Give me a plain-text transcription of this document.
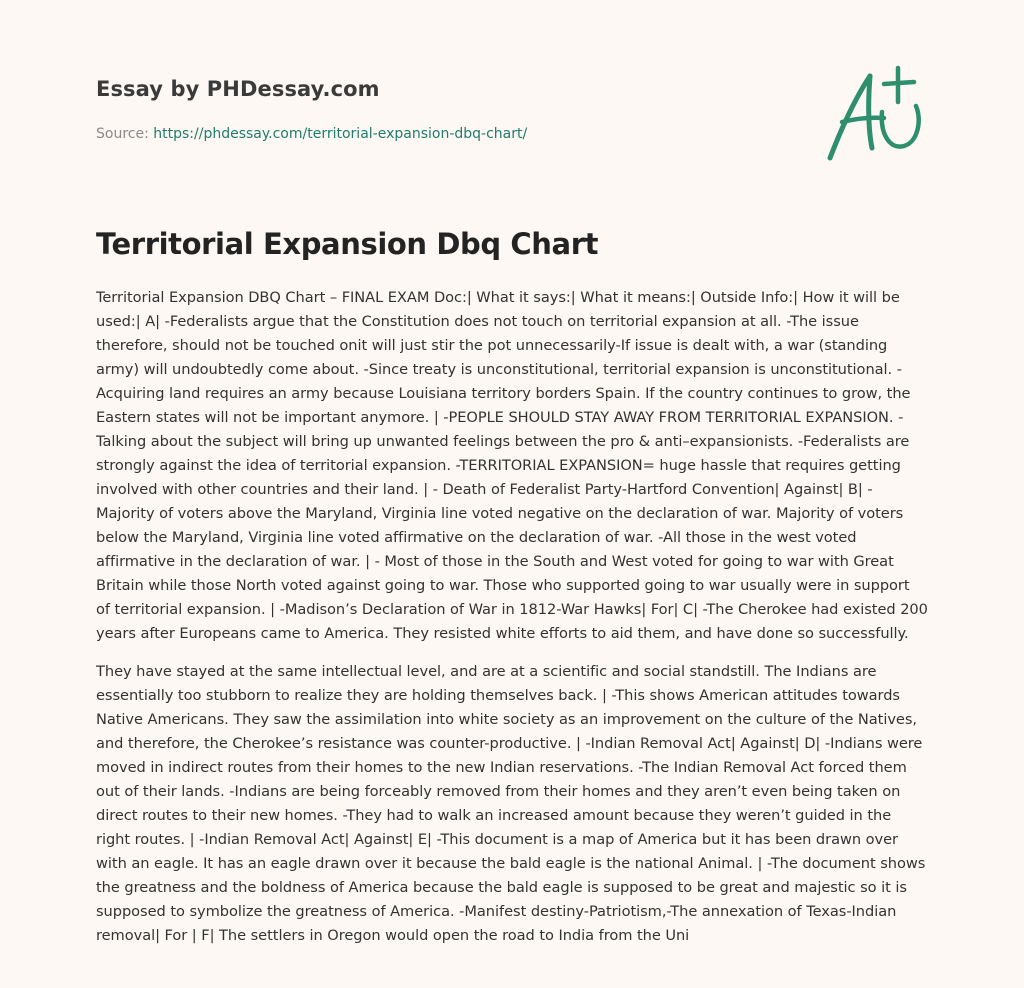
Essay by PHDessay.com
Source: https://phdessay.com/territorial-expansion-dbq-chart/
Territorial Expansion Dbq Chart

Territorial Expansion DBQ Chart – FINAL EXAM Doc:| What it says:| What it means:| Outside Info:| How it will be used:| A| -Federalists argue that the Constitution does not touch on territorial expansion at all. -The issue therefore, should not be touched onit will just stir the pot unnecessarily-If issue is dealt with, a war (standing army) will undoubtedly come about. -Since treaty is unconstitutional, territorial expansion is unconstitutional. -Acquiring land requires an army because Louisiana territory borders Spain. If the country continues to grow, the Eastern states will not be important anymore. | -PEOPLE SHOULD STAY AWAY FROM TERRITORIAL EXPANSION. -Talking about the subject will bring up unwanted feelings between the pro & anti–expansionists. -Federalists are strongly against the idea of territorial expansion. -TERRITORIAL EXPANSION= huge hassle that requires getting involved with other countries and their land. | - Death of Federalist Party-Hartford Convention| Against| B| -Majority of voters above the Maryland, Virginia line voted negative on the declaration of war. Majority of voters below the Maryland, Virginia line voted affirmative on the declaration of war. -All those in the west voted affirmative in the declaration of war. | - Most of those in the South and West voted for going to war with Great Britain while those North voted against going to war. Those who supported going to war usually were in support of territorial expansion. | -Madison’s Declaration of War in 1812-War Hawks| For| C| -The Cherokee had existed 200 years after Europeans came to America. They resisted white efforts to aid them, and have done so successfully.

They have stayed at the same intellectual level, and are at a scientific and social standstill. The Indians are essentially too stubborn to realize they are holding themselves back. | -This shows American attitudes towards Native Americans. They saw the assimilation into white society as an improvement on the culture of the Natives, and therefore, the Cherokee’s resistance was counter-productive. | -Indian Removal Act| Against| D| -Indians were moved in indirect routes from their homes to the new Indian reservations. -The Indian Removal Act forced them out of their lands. -Indians are being forceably removed from their homes and they aren’t even being taken on direct routes to their new homes. -They had to walk an increased amount because they weren’t guided in the right routes. | -Indian Removal Act| Against| E| -This document is a map of America but it has been drawn over with an eagle. It has an eagle drawn over it because the bald eagle is the national Animal. | -The document shows the greatness and the boldness of America because the bald eagle is supposed to be great and majestic so it is supposed to symbolize the greatness of America. -Manifest destiny-Patriotism,-The annexation of Texas-Indian removal| For | F| The settlers in Oregon would open the road to India from the Uni
